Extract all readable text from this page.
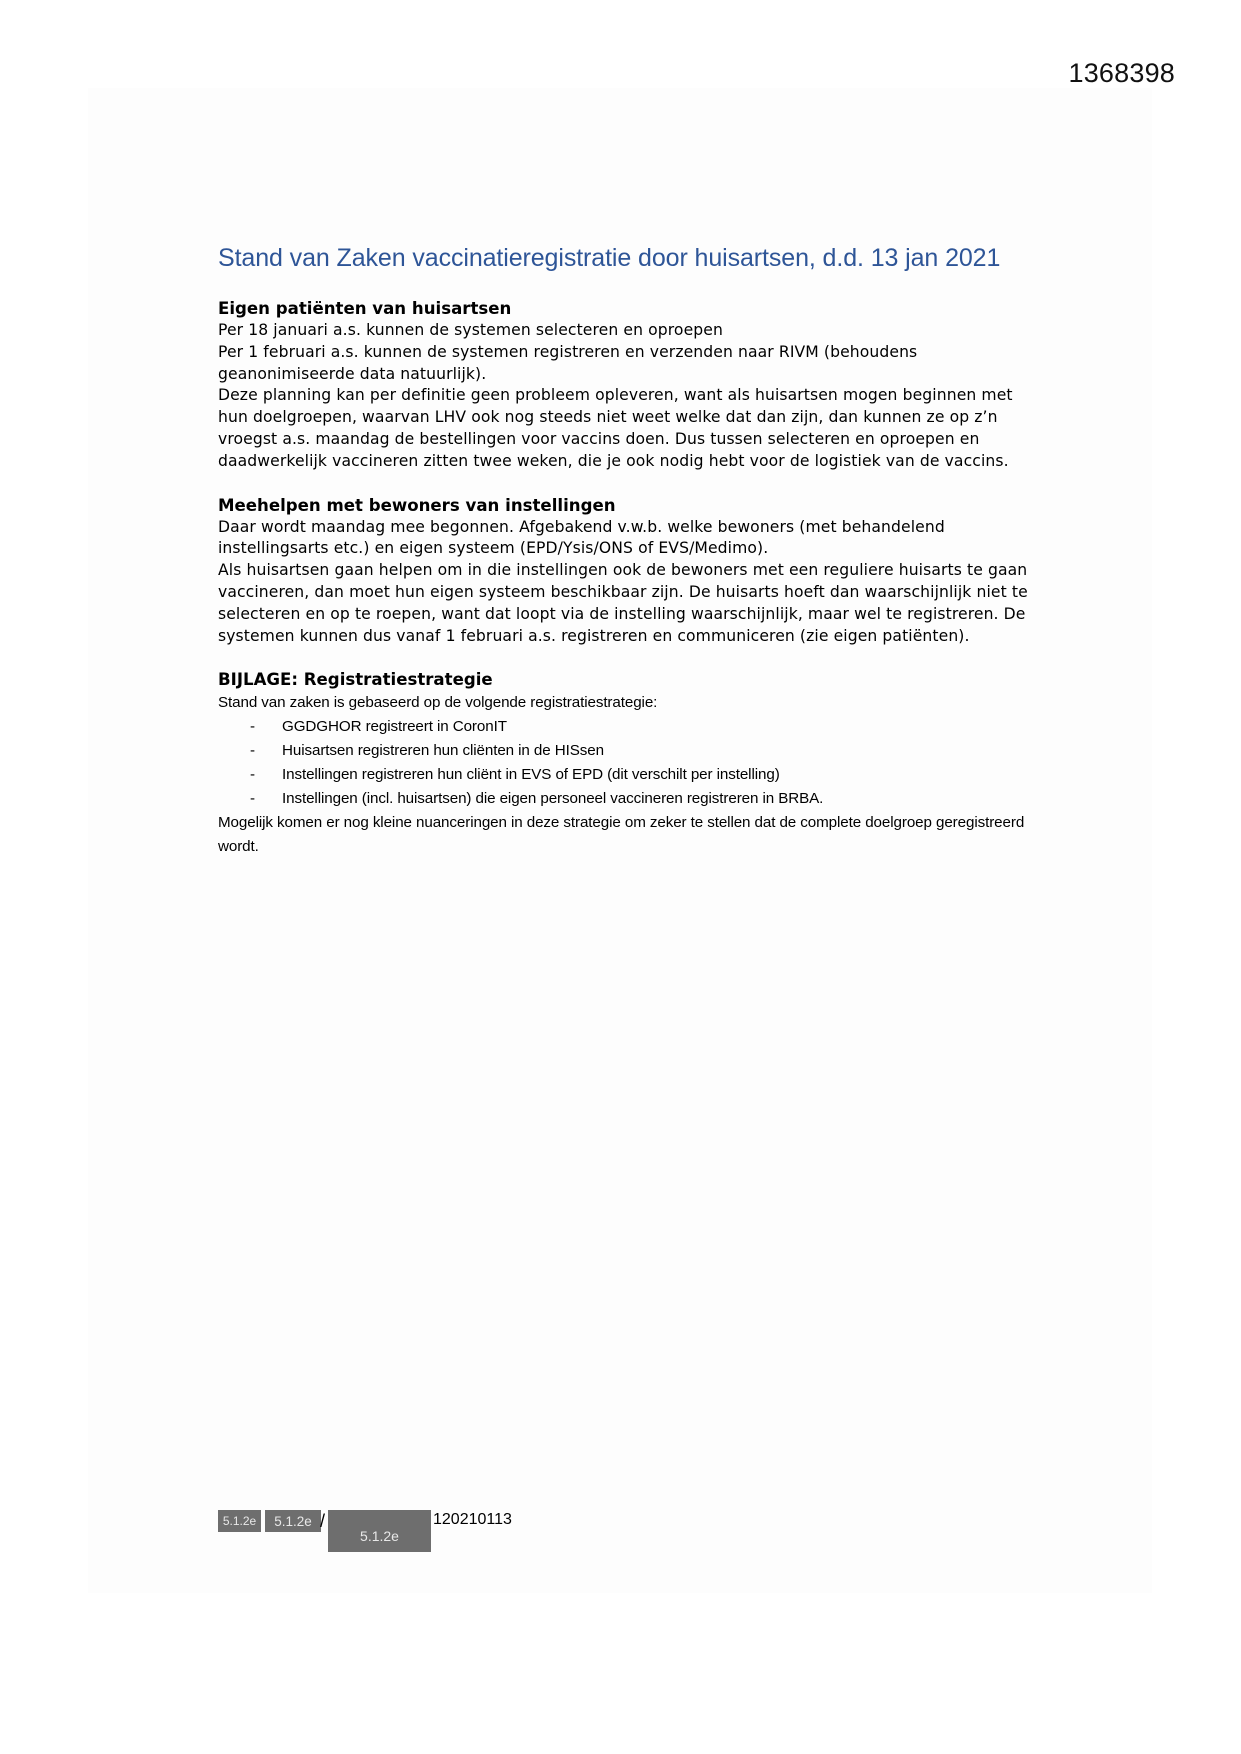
1368398
Stand van Zaken vaccinatieregistratie door huisartsen, d.d. 13 jan 2021
Eigen patiënten van huisartsen

Per 18 januari a.s. kunnen de systemen selecteren en oproepen

Per 1 februari a.s. kunnen de systemen registreren en verzenden naar RIVM (behoudens geanonimiseerde data natuurlijk).

Deze planning kan per definitie geen probleem opleveren, want als huisartsen mogen beginnen met hun doelgroepen, waarvan LHV ook nog steeds niet weet welke dat dan zijn, dan kunnen ze op z’n vroegst a.s. maandag de bestellingen voor vaccins doen. Dus tussen selecteren en oproepen en daadwerkelijk vaccineren zitten twee weken, die je ook nodig hebt voor de logistiek van de vaccins.

Meehelpen met bewoners van instellingen

Daar wordt maandag mee begonnen. Afgebakend v.w.b. welke bewoners (met behandelend instellingsarts etc.) en eigen systeem (EPD/Ysis/ONS of EVS/Medimo).

Als huisartsen gaan helpen om in die instellingen ook de bewoners met een reguliere huisarts te gaan vaccineren, dan moet hun eigen systeem beschikbaar zijn. De huisarts hoeft dan waarschijnlijk niet te selecteren en op te roepen, want dat loopt via de instelling waarschijnlijk, maar wel te registreren. De systemen kunnen dus vanaf 1 februari a.s. registreren en communiceren (zie eigen patiënten).

BIJLAGE: Registratiestrategie

Stand van zaken is gebaseerd op de volgende registratiestrategie:

- GGDGHOR registreert in CoronIT
- Huisartsen registreren hun cliënten in de HISsen
- Instellingen registreren hun cliënt in EVS of EPD (dit verschilt per instelling)
- Instellingen (incl. huisartsen) die eigen personeel vaccineren registreren in BRBA.

Mogelijk komen er nog kleine nuanceringen in deze strategie om zeker te stellen dat de complete doelgroep geregistreerd wordt.

5.1.2e	5.1.2e /
5.1.2e
120210113
